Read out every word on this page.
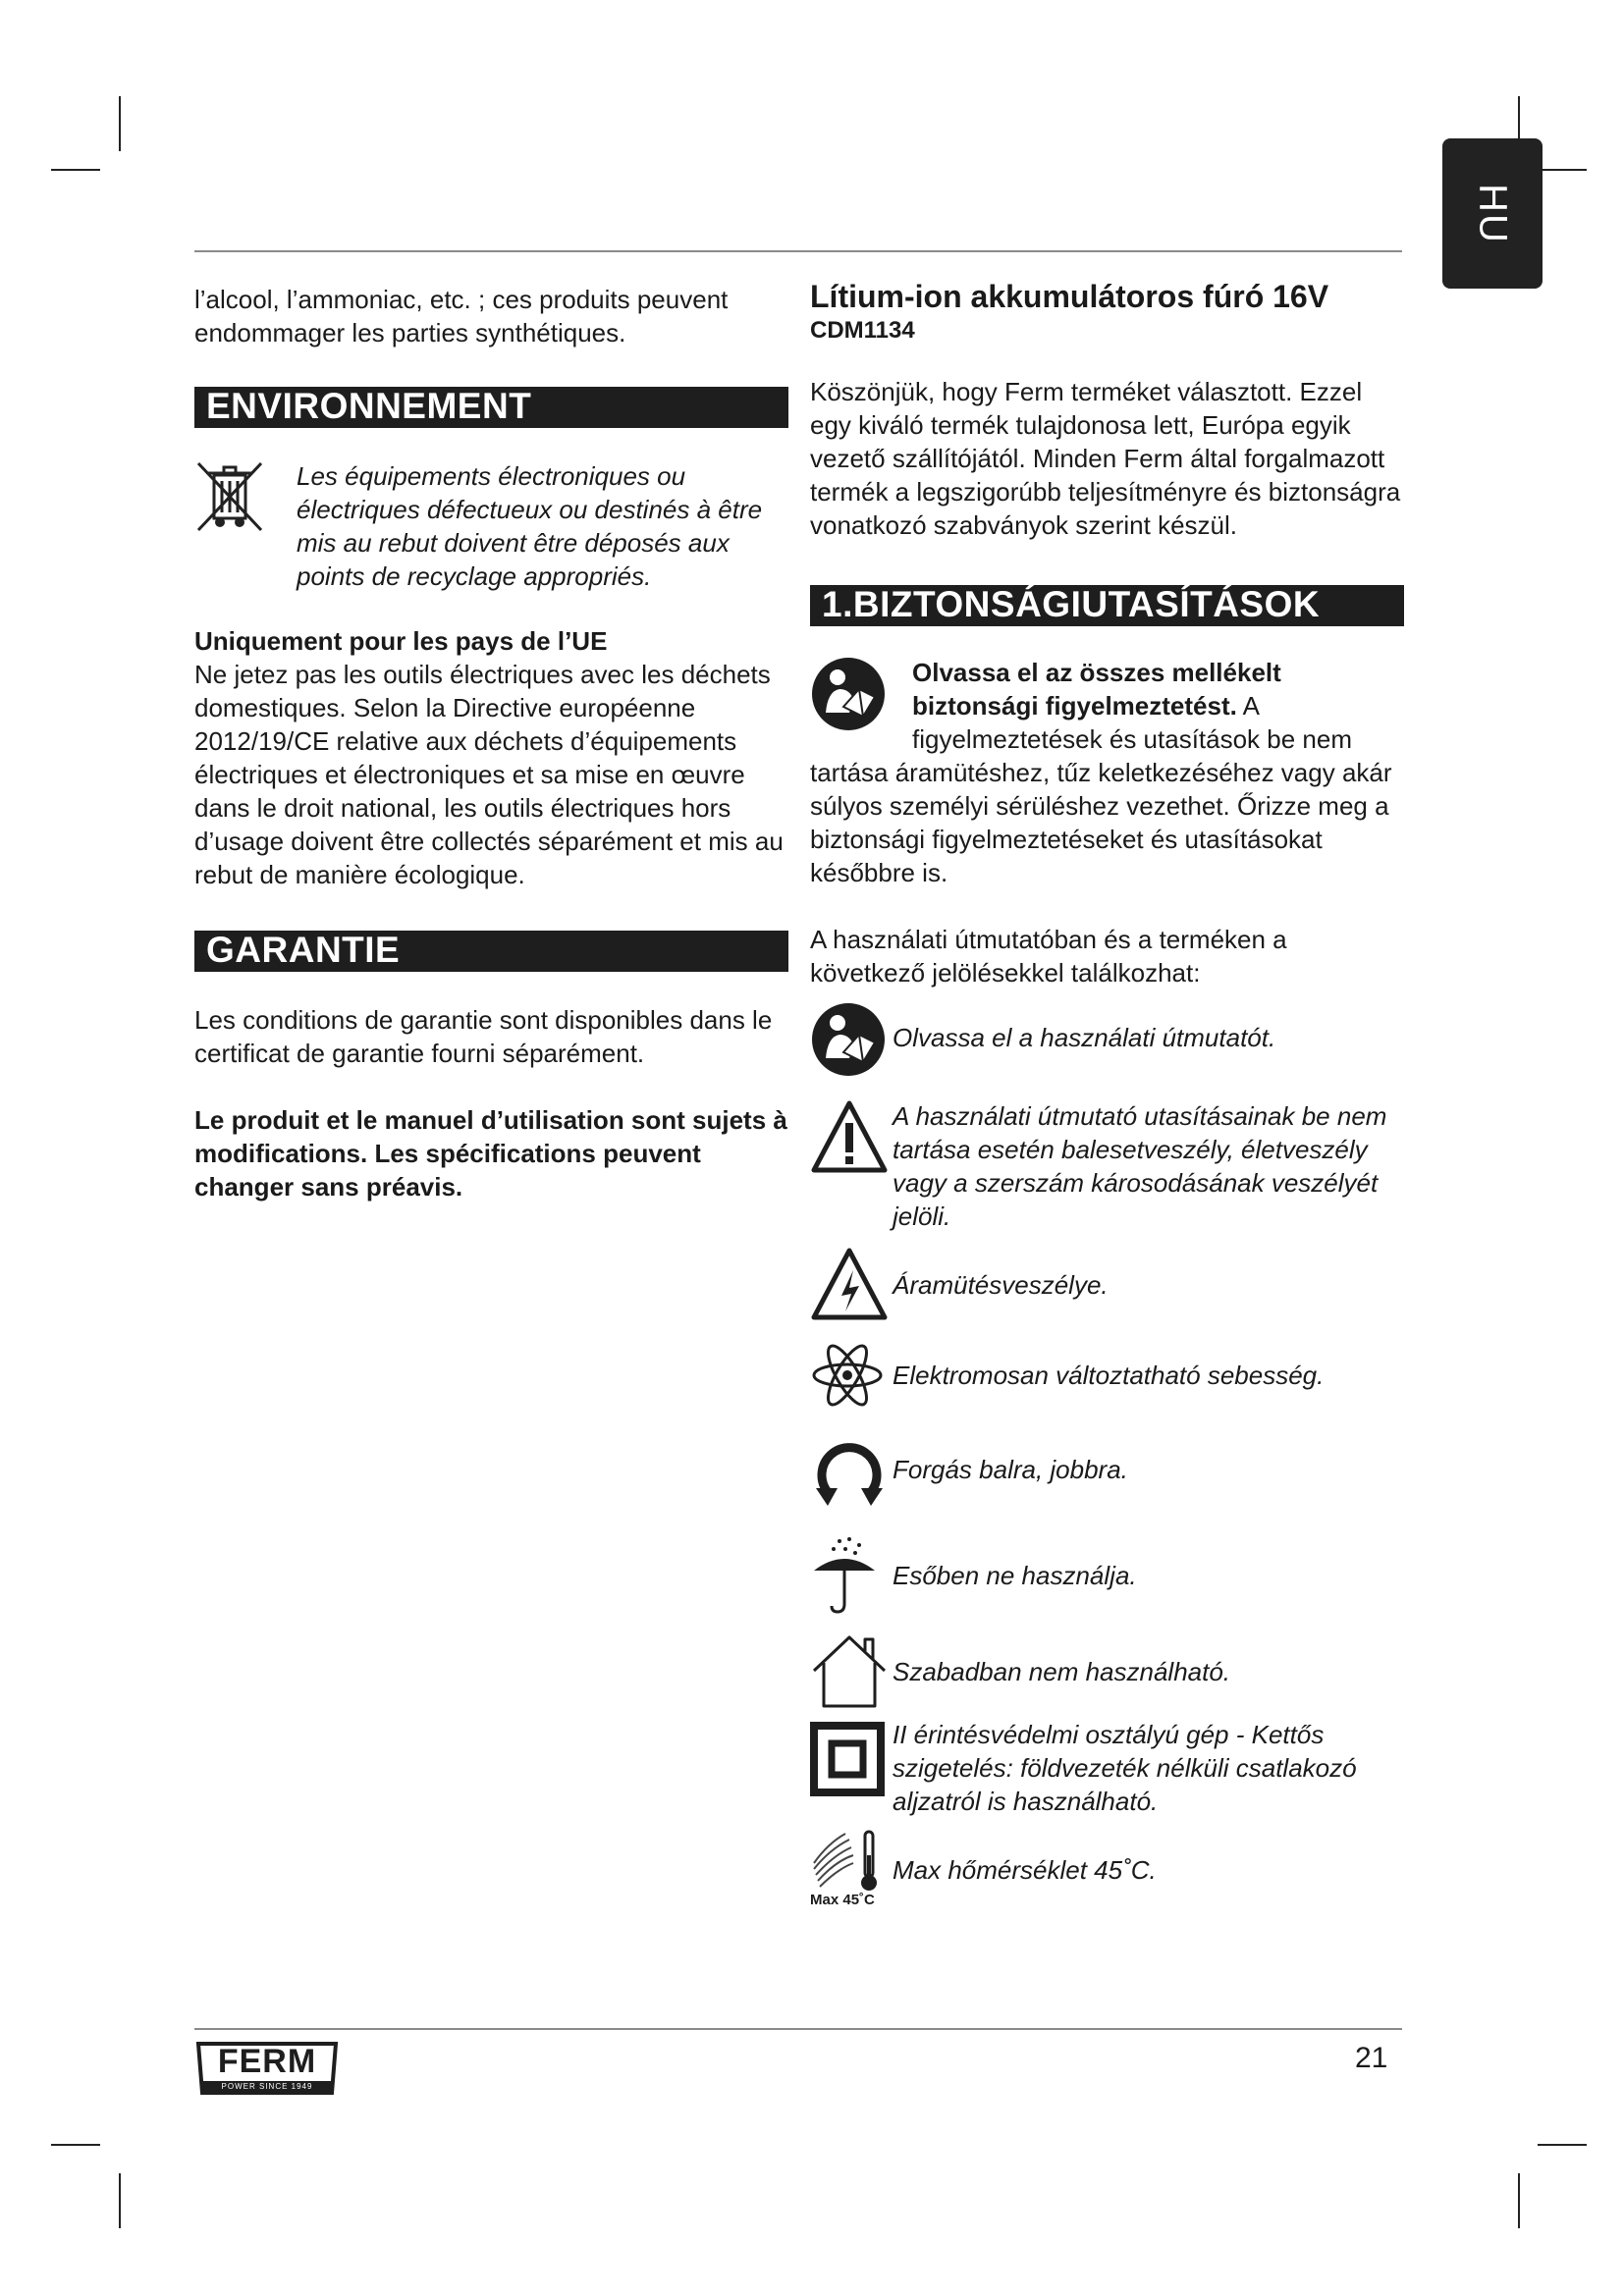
HU

l’alcool, l’ammoniac, etc. ; ces produits peuvent endommager les parties synthétiques.

ENVIRONNEMENT

Les équipements électroniques ou électriques défectueux ou destinés à être mis au rebut doivent être déposés aux points de recyclage appropriés.

Uniquement pour les pays de l’UE

Ne jetez pas les outils électriques avec les déchets domestiques. Selon la Directive européenne 2012/19/CE relative aux déchets d’équipements électriques et électroniques et sa mise en œuvre dans le droit national, les outils électriques hors d’usage doivent être collectés séparément et mis au rebut de manière écologique.

GARANTIE

Les conditions de garantie sont disponibles dans le certificat de garantie fourni séparément.

Le produit et le manuel d’utilisation sont sujets à modifications. Les spécifications peuvent changer sans préavis.

Lítium-ion akkumulátoros fúró 16V

CDM1134

Köszönjük, hogy Ferm terméket választott. Ezzel egy kiváló termék tulajdonosa lett, Európa egyik vezető szállítójától. Minden Ferm által forgalmazott termék a legszigorúbb teljesítményre és biztonságra vonatkozó szabványok szerint készül.

1.BIZTONSÁGIUTASÍTÁSOK

Olvassa el az összes mellékelt biztonsági figyelmeztetést. A figyelmeztetések és utasítások be nem tartása áramütéshez, tűz keletkezéséhez vagy akár súlyos személyi sérüléshez vezethet. Őrizze meg a biztonsági figyelmeztetéseket és utasításokat későbbre is.

A használati útmutatóban és a terméken a következő jelölésekkel találkozhat:

Olvassa el a használati útmutatót.

A használati útmutató utasításainak be nem tartása esetén balesetveszély, életveszély vagy a szerszám károsodásának veszélyét jelöli.

Áramütésveszélye.

Elektromosan változtatható sebesség.

Forgás balra, jobbra.

Esőben ne használja.

Szabadban nem használható.

II érintésvédelmi osztályú gép - Kettős szigetelés: földvezeték nélküli csatlakozó aljzatról is használható.

Max 45˚C

Max hőmérséklet 45˚C.

FERM
POWER SINCE 1949
21
